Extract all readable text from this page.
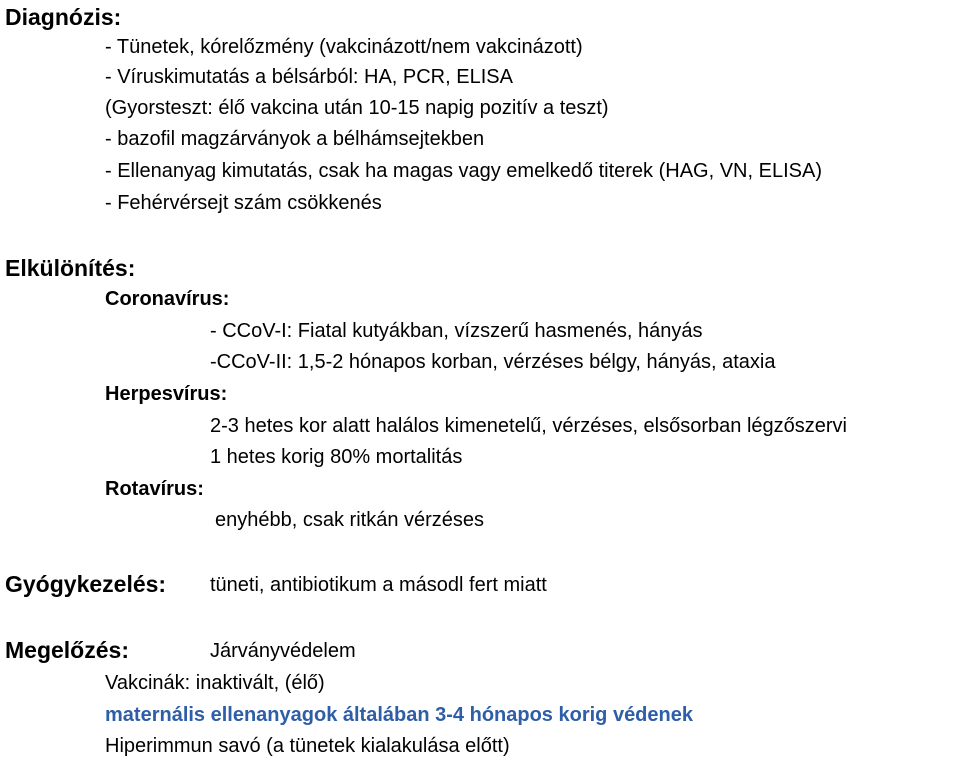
Diagnózis:
- Tünetek, kórelőzmény (vakcinázott/nem vakcinázott)
- Víruskimutatás a bélsárból: HA, PCR, ELISA
(Gyorsteszt: élő vakcina után 10-15 napig pozitív a teszt)
- bazofil magzárványok a bélhámsejtekben
- Ellenanyag kimutatás, csak ha magas vagy emelkedő titerek (HAG, VN, ELISA)
- Fehérvérsejt szám csökkenés
Elkülönítés:
Coronavírus:
- CCoV-I: Fiatal kutyákban, vízszerű hasmenés, hányás
-CCoV-II: 1,5-2 hónapos korban, vérzéses bélgy, hányás, ataxia
Herpesvírus:
2-3 hetes kor alatt halálos kimenetelű, vérzéses, elsősorban légzőszervi
1 hetes korig 80% mortalitás
Rotavírus:
enyhébb, csak ritkán vérzéses
Gyógykezelés: tüneti, antibiotikum a másodl fert miatt
Megelőzés:	Járványvédelem
Vakcinák: inaktivált, (élő)
maternális ellenanyagok általában 3-4 hónapos korig védenek
Hiperimmun savó (a tünetek kialakulása előtt)
